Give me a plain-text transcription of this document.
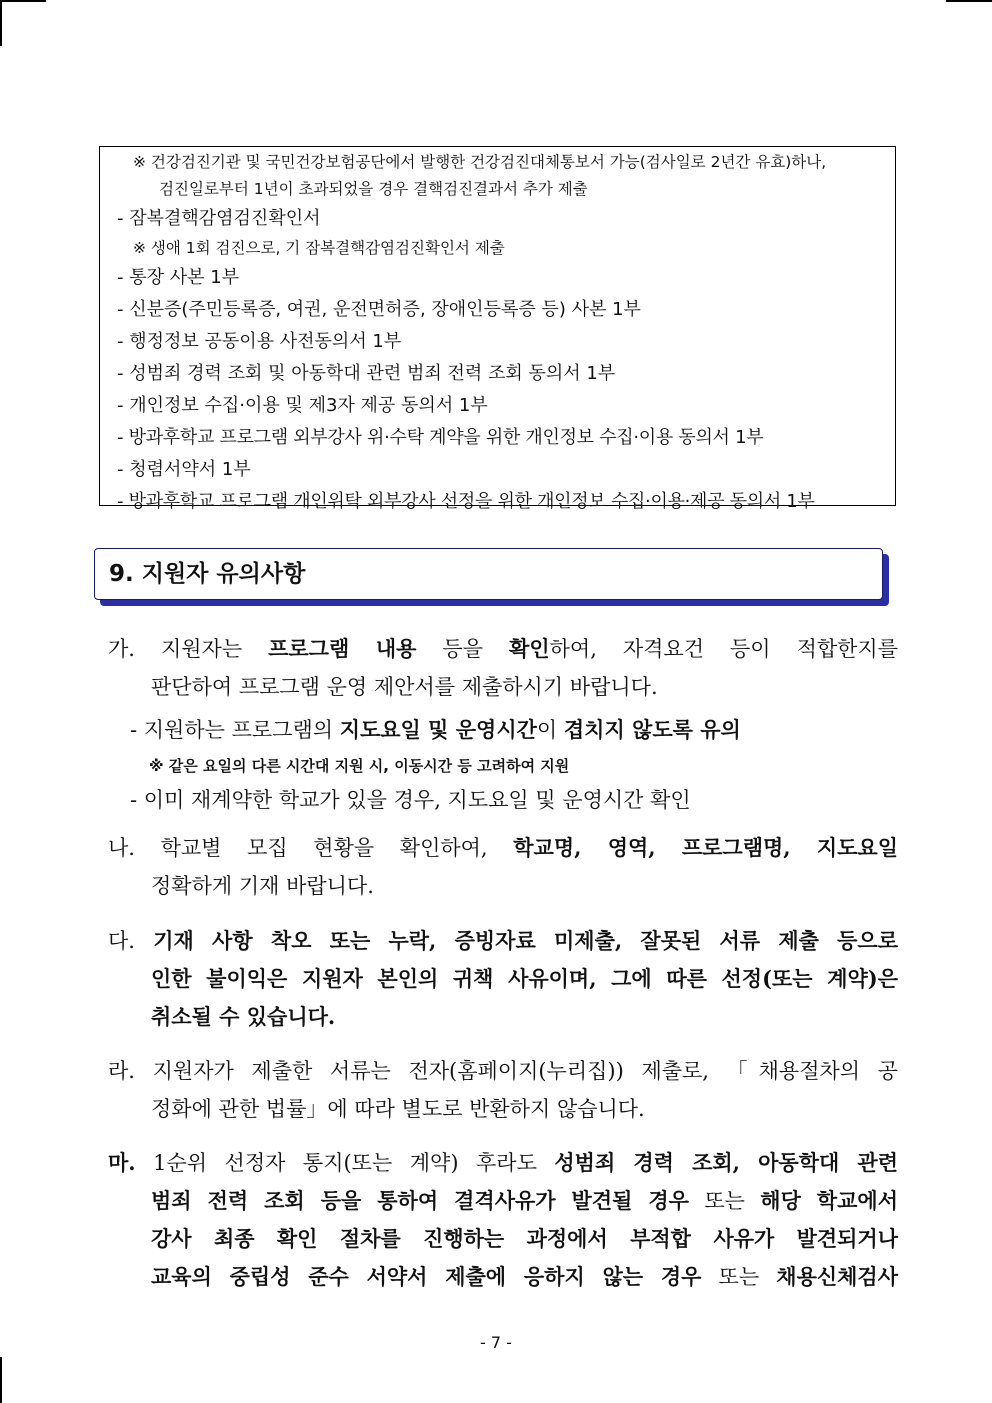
※ 건강검진기관 및 국민건강보험공단에서 발행한 건강검진대체통보서 가능(검사일로 2년간 유효)하나,
검진일로부터 1년이 초과되었을 경우 결핵검진결과서 추가 제출
- 잠복결핵감염검진확인서
※ 생애 1회 검진으로, 기 잠복결핵감염검진확인서 제출
- 통장 사본 1부
- 신분증(주민등록증, 여권, 운전면허증, 장애인등록증 등) 사본 1부
- 행정정보 공동이용 사전동의서 1부
- 성범죄 경력 조회 및 아동학대 관련 범죄 전력 조회 동의서 1부
- 개인정보 수집·이용 및 제3자 제공 동의서 1부
- 방과후학교 프로그램 외부강사 위·수탁 계약을 위한 개인정보 수집·이용 동의서 1부
- 청렴서약서 1부
- 방과후학교 프로그램 개인위탁 외부강사 선정을 위한 개인정보 수집·이용·제공 동의서 1부
9. 지원자 유의사항
가. 지원자는 프로그램 내용 등을 확인하여, 자격요건 등이 적합한지를
판단하여 프로그램 운영 제안서를 제출하시기 바랍니다.
- 지원하는 프로그램의 지도요일 및 운영시간이 겹치지 않도록 유의
※ 같은 요일의 다른 시간대 지원 시, 이동시간 등 고려하여 지원
- 이미 재계약한 학교가 있을 경우, 지도요일 및 운영시간 확인
나. 학교별 모집 현황을 확인하여, 학교명, 영역, 프로그램명, 지도요일
정확하게 기재 바랍니다.
다. 기재 사항 착오 또는 누락, 증빙자료 미제출, 잘못된 서류 제출 등으로
인한 불이익은 지원자 본인의 귀책 사유이며, 그에 따른 선정(또는 계약)은
취소될 수 있습니다.
라. 지원자가 제출한 서류는 전자(홈페이지(누리집)) 제출로, 「채용절차의 공
정화에 관한 법률」에 따라 별도로 반환하지 않습니다.
마. 1순위 선정자 통지(또는 계약) 후라도 성범죄 경력 조회, 아동학대 관련
범죄 전력 조회 등을 통하여 결격사유가 발견될 경우 또는 해당 학교에서
강사 최종 확인 절차를 진행하는 과정에서 부적합 사유가 발견되거나
교육의 중립성 준수 서약서 제출에 응하지 않는 경우 또는 채용신체검사
- 7 -
